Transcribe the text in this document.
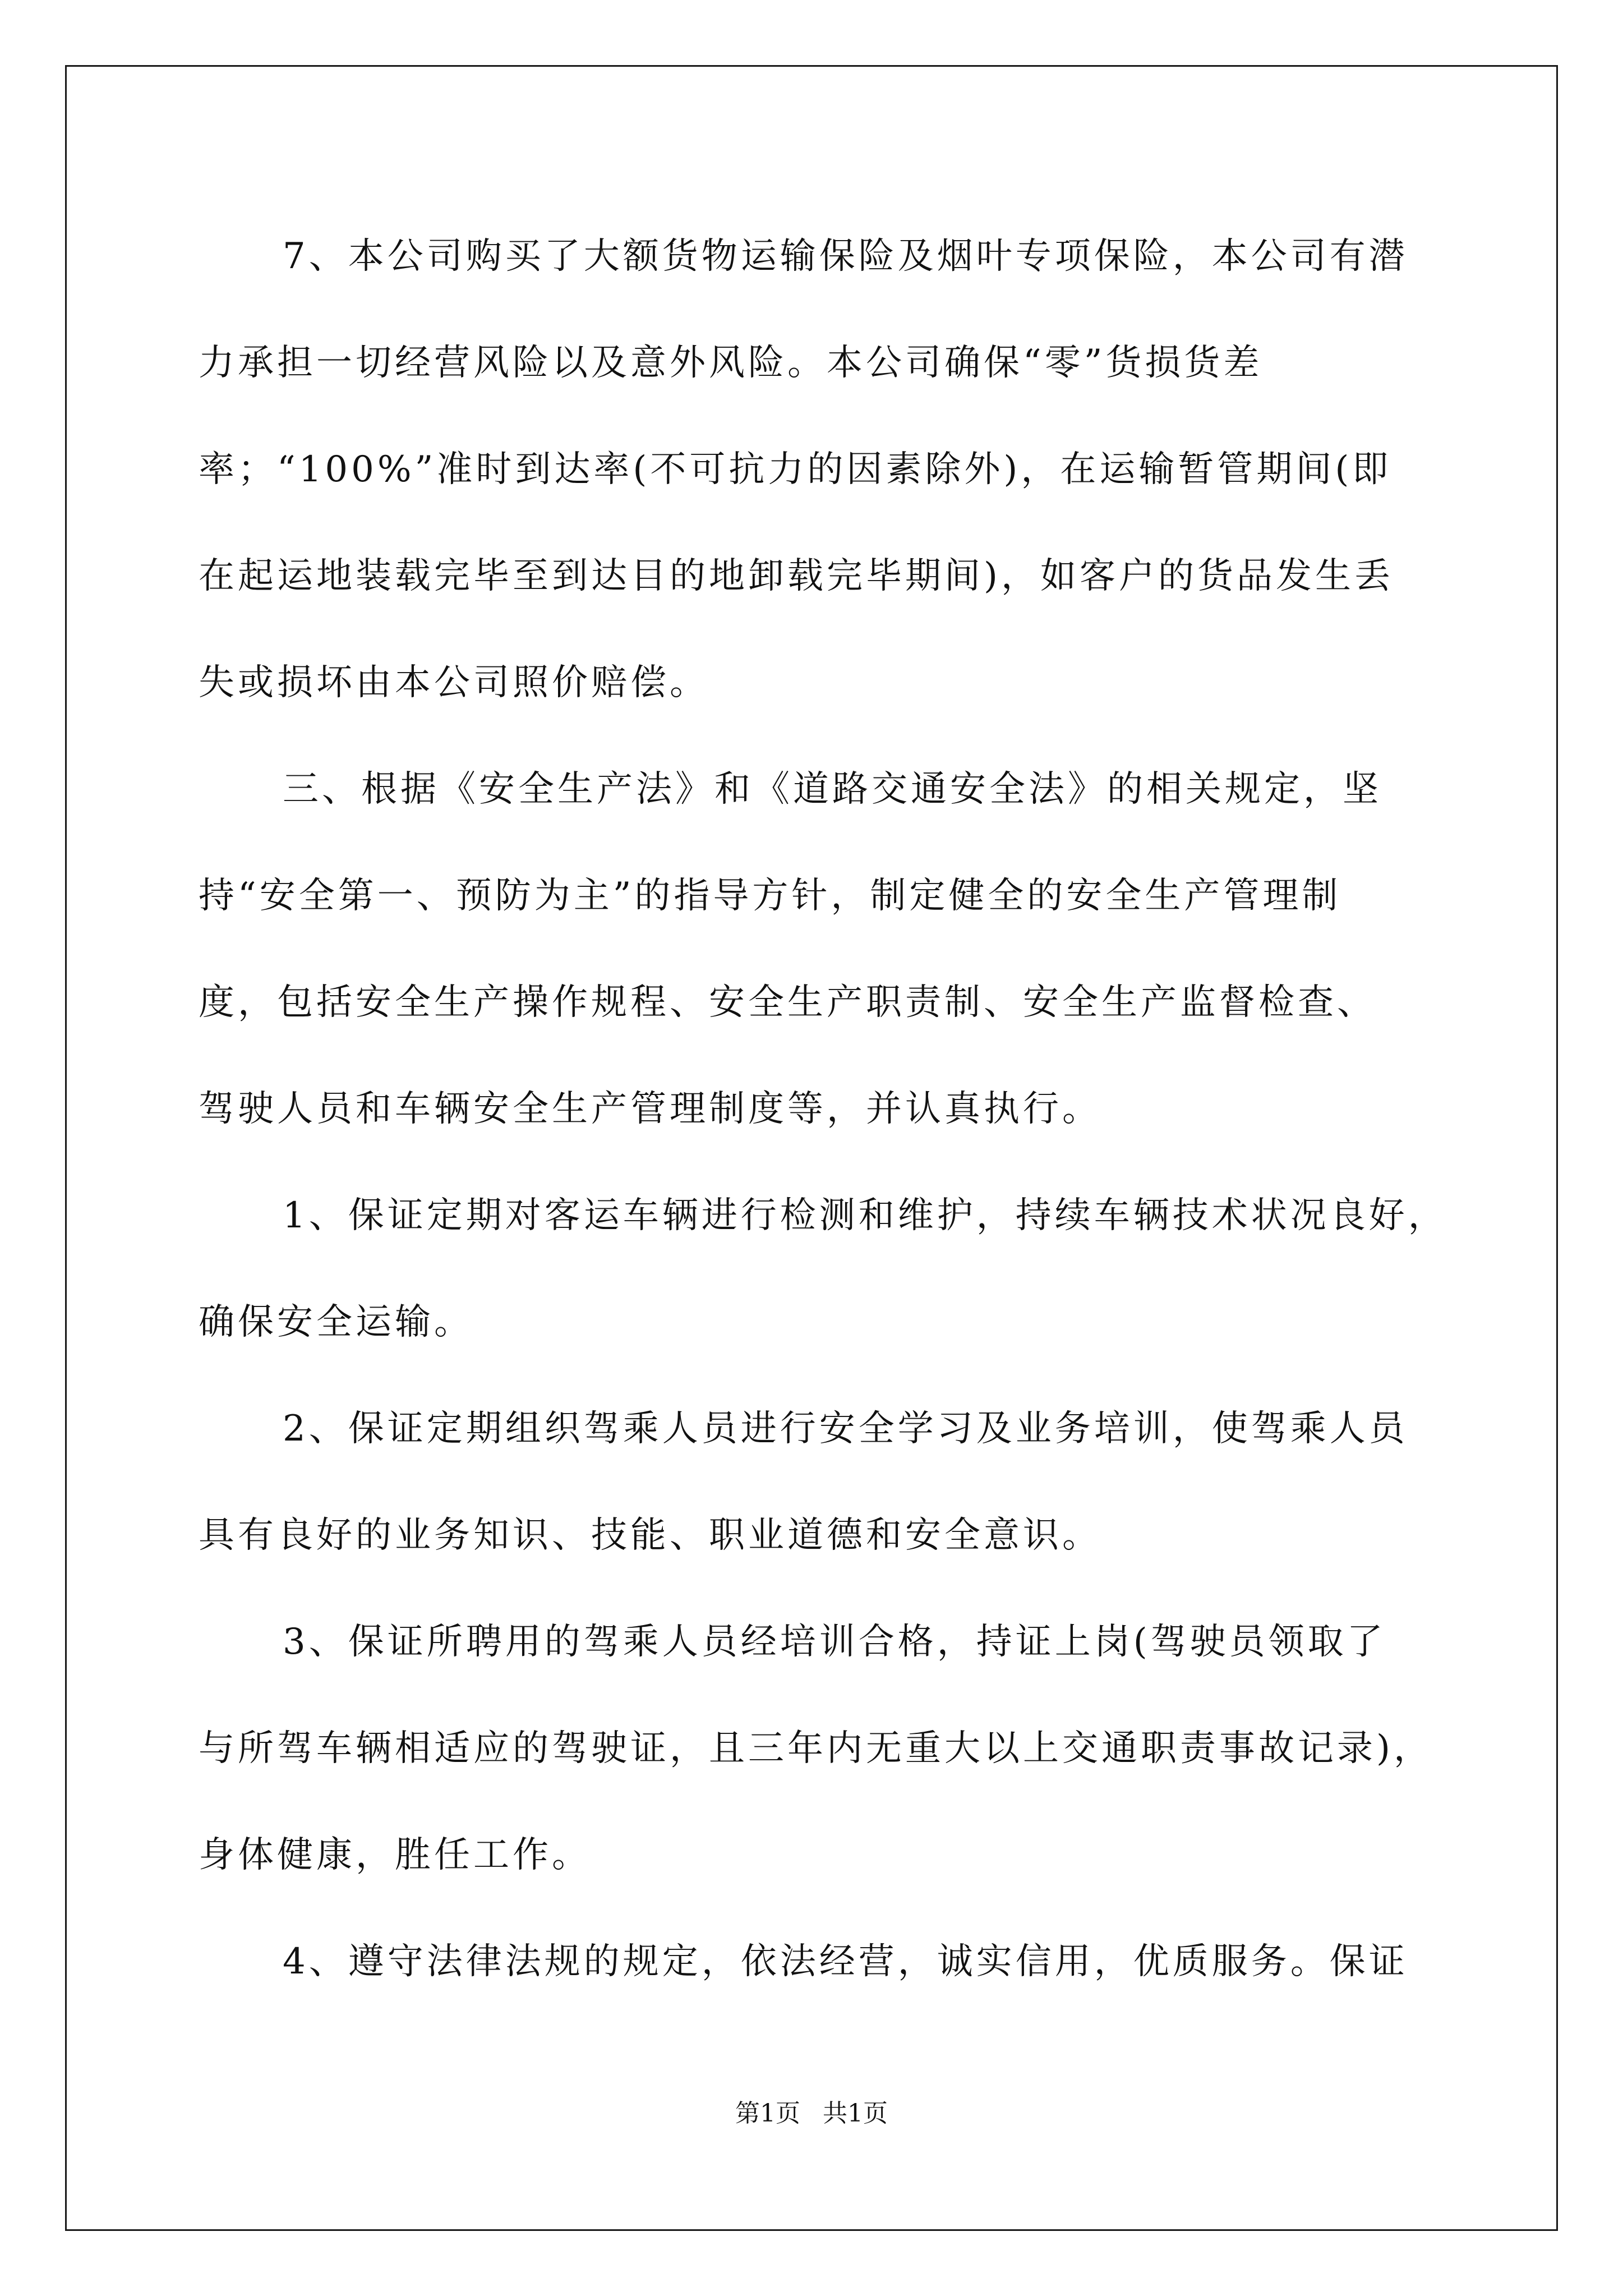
7、本公司购买了大额货物运输保险及烟叶专项保险，本公司有潜
力承担一切经营风险以及意外风险。本公司确保“零”货损货差
率；“100%”准时到达率(不可抗力的因素除外)，在运输暂管期间(即
在起运地装载完毕至到达目的地卸载完毕期间)，如客户的货品发生丢
失或损坏由本公司照价赔偿。
三、根据《安全生产法》和《道路交通安全法》的相关规定，坚
持“安全第一、预防为主”的指导方针，制定健全的安全生产管理制
度，包括安全生产操作规程、安全生产职责制、安全生产监督检查、
驾驶人员和车辆安全生产管理制度等，并认真执行。
1、保证定期对客运车辆进行检测和维护，持续车辆技术状况良好，
确保安全运输。
2、保证定期组织驾乘人员进行安全学习及业务培训，使驾乘人员
具有良好的业务知识、技能、职业道德和安全意识。
3、保证所聘用的驾乘人员经培训合格，持证上岗(驾驶员领取了
与所驾车辆相适应的驾驶证，且三年内无重大以上交通职责事故记录)，
身体健康，胜任工作。
4、遵守法律法规的规定，依法经营，诚实信用，优质服务。保证
第1页 共1页
